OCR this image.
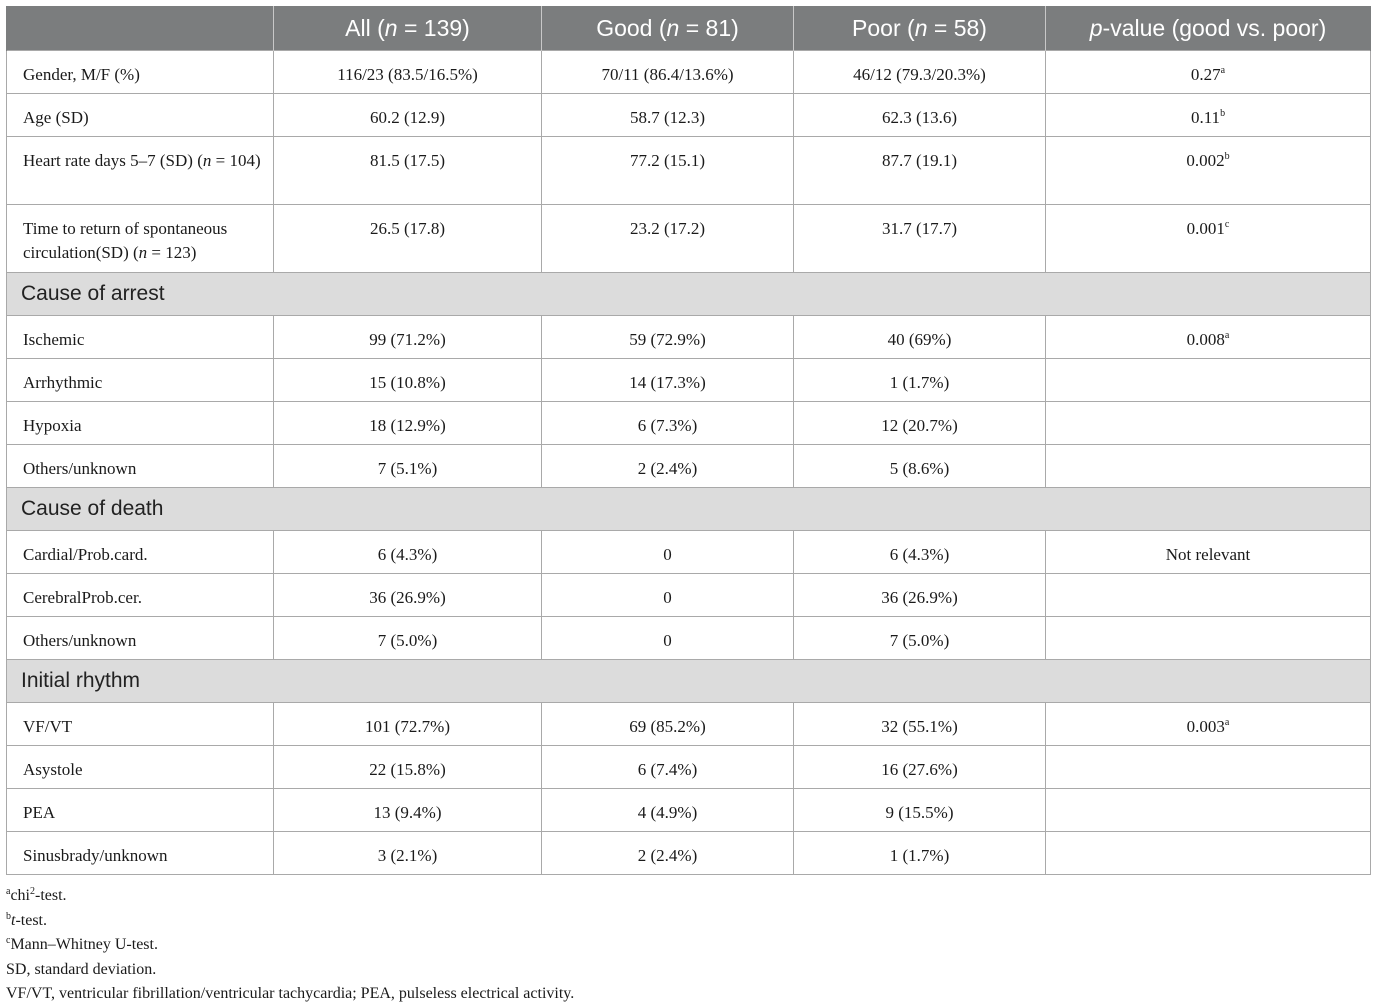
	All (n = 139)	Good (n = 81)	Poor (n = 58)	p-value (good vs. poor)
Gender, M/F (%)	116/23 (83.5/16.5%)	70/11 (86.4/13.6%)	46/12 (79.3/20.3%)	0.27$^a$
Age (SD)	60.2 (12.9)	58.7 (12.3)	62.3 (13.6)	0.11$^b$
Heart rate days 5–7 (SD) (n = 104)	81.5 (17.5)	77.2 (15.1)	87.7 (19.1)	0.002$^b$
Time to return of spontaneous circulation(SD) (n = 123)	26.5 (17.8)	23.2 (17.2)	31.7 (17.7)	0.001$^c$
Cause of arrest				
Ischemic	99 (71.2%)	59 (72.9%)	40 (69%)	0.008$^a$
Arrhythmic	15 (10.8%)	14 (17.3%)	1 (1.7%)	
Hypoxia	18 (12.9%)	6 (7.3%)	12 (20.7%)	
Others/unknown	7 (5.1%)	2 (2.4%)	5 (8.6%)	
Cause of death				
Cardial/Prob.card.	6 (4.3%)	0	6 (4.3%)	Not relevant
CerebralProb.cer.	36 (26.9%)	0	36 (26.9%)	
Others/unknown	7 (5.0%)	0	7 (5.0%)	
Initial rhythm				
VF/VT	101 (72.7%)	69 (85.2%)	32 (55.1%)	0.003$^a$
Asystole	22 (15.8%)	6 (7.4%)	16 (27.6%)	
PEA	13 (9.4%)	4 (4.9%)	9 (15.5%)	
Sinusbrady/unknown	3 (2.1%)	2 (2.4%)	1 (1.7%)	
$^a$chi$^2$-test.
$^b$t-test.
$^c$Mann–Whitney U-test.
SD, standard deviation.
VF/VT, ventricular fibrillation/ventricular tachycardia; PEA, pulseless electrical activity.
